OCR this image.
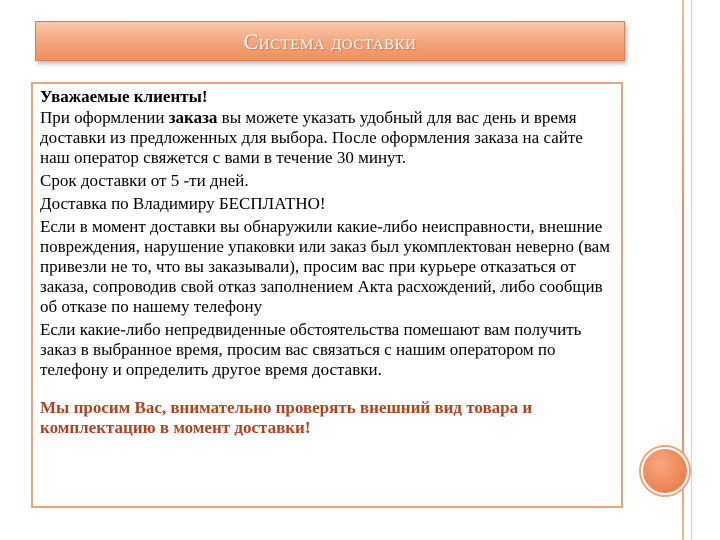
Система доставки
Уважаемые клиенты!
При оформлении заказа вы можете указать удобный для вас день и время доставки из предложенных для выбора. После оформления заказа на сайте наш оператор свяжется с вами в течение 30 минут.
Срок доставки от 5 -ти дней.
Доставка по Владимиру БЕСПЛАТНО!
Если в момент доставки вы обнаружили какие-либо неисправности, внешние повреждения, нарушение упаковки или заказ был укомплектован неверно (вам привезли не то, что вы заказывали), просим вас при курьере отказаться от заказа, сопроводив свой отказ заполнением Акта расхождений, либо сообщив об отказе по нашему телефону
Если какие-либо непредвиденные обстоятельства помешают вам получить заказ в выбранное время, просим вас связаться с нашим оператором по телефону и определить другое время доставки.
Мы просим Вас, внимательно проверять внешний вид товара и комплектацию в момент доставки!
